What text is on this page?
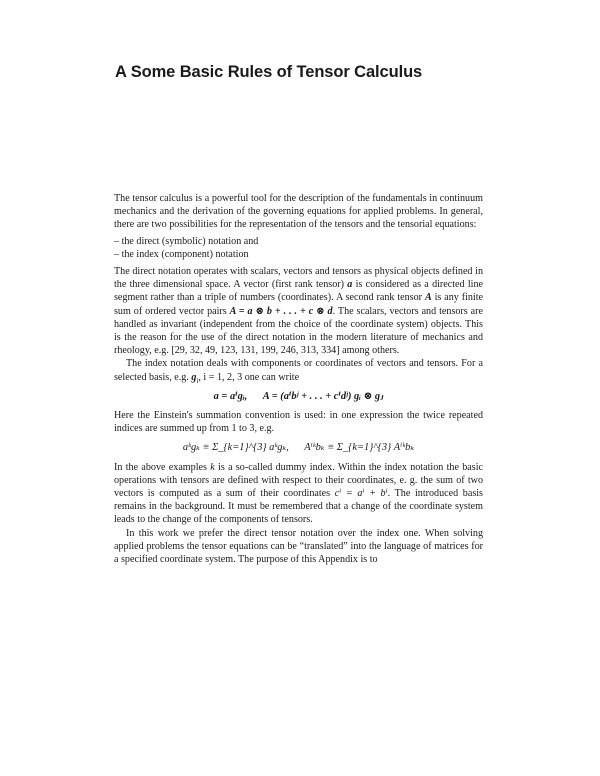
A Some Basic Rules of Tensor Calculus

The tensor calculus is a powerful tool for the description of the fundamentals in continuum mechanics and the derivation of the governing equations for applied problems. In general, there are two possibilities for the representation of the tensors and the tensorial equations:

– the direct (symbolic) notation and
– the index (component) notation

The direct notation operates with scalars, vectors and tensors as physical objects defined in the three dimensional space. A vector (first rank tensor) a is considered as a directed line segment rather than a triple of numbers (coordinates). A second rank tensor A is any finite sum of ordered vector pairs A = a ⊗ b + . . . + c ⊗ d. The scalars, vectors and tensors are handled as invariant (independent from the choice of the coordinate system) objects. This is the reason for the use of the direct notation in the modern literature of mechanics and rheology, e.g. [29, 32, 49, 123, 131, 199, 246, 313, 334] among others.

The index notation deals with components or coordinates of vectors and tensors. For a selected basis, e.g. $g_i$, i = 1, 2, 3 one can write

a = aⁱgᵢ, A = (aⁱbʲ + . . . + cⁱdʲ) gᵢ ⊗ gⱼ

Here the Einstein's summation convention is used: in one expression the twice repeated indices are summed up from 1 to 3, e.g.

aᵏgₖ ≡ Σ_{k=1}^{3} aᵏgₖ, Aⁱᵏbₖ ≡ Σ_{k=1}^{3} Aⁱᵏbₖ

In the above examples k is a so-called dummy index. Within the index notation the basic operations with tensors are defined with respect to their coordinates, e. g. the sum of two vectors is computed as a sum of their coordinates cⁱ = aⁱ + bⁱ. The introduced basis remains in the background. It must be remembered that a change of the coordinate system leads to the change of the components of tensors.

In this work we prefer the direct tensor notation over the index one. When solving applied problems the tensor equations can be “translated” into the language of matrices for a specified coordinate system. The purpose of this Appendix is to
